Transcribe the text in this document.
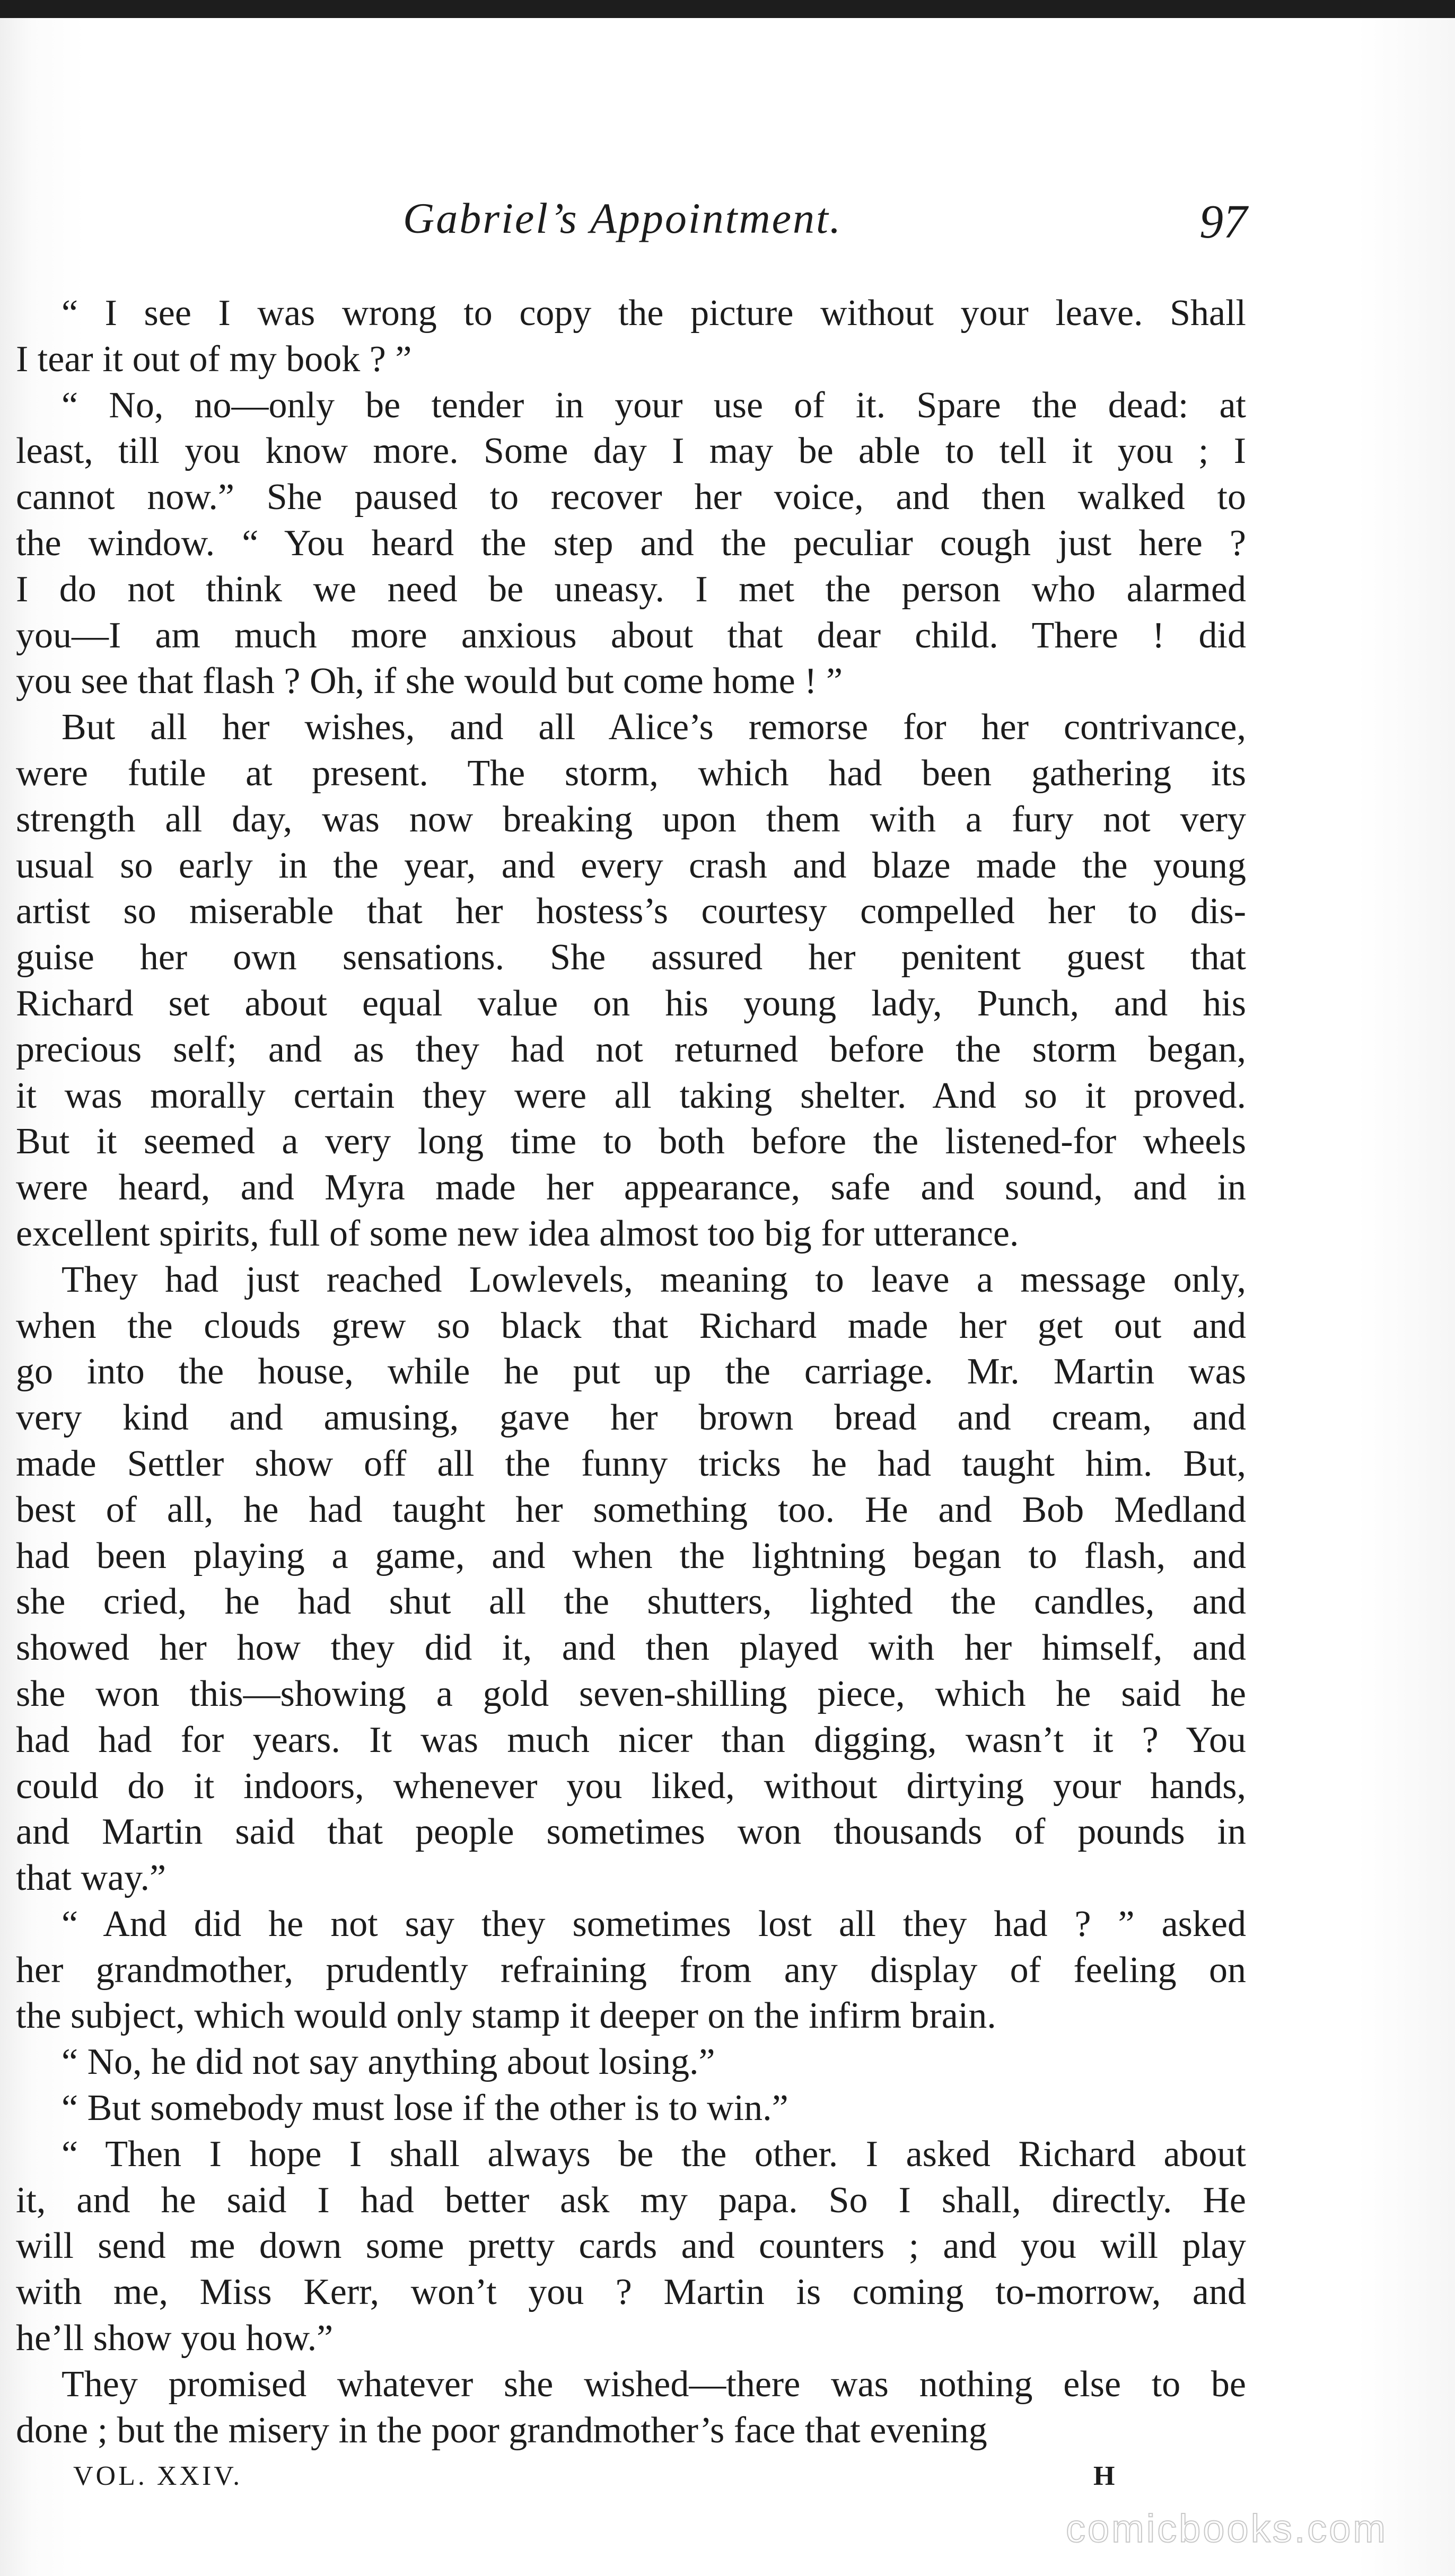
Gabriel’s Appointment.	97
“ I see I was wrong to copy the picture without your leave. Shall
I tear it out of my book ? ”
“ No, no—only be tender in your use of it. Spare the dead: at
least, till you know more. Some day I may be able to tell it you ; I
cannot now.” She paused to recover her voice, and then walked to
the window. “ You heard the step and the peculiar cough just here ?
I do not think we need be uneasy. I met the person who alarmed
you—I am much more anxious about that dear child. There ! did
you see that flash ? Oh, if she would but come home ! ”
But all her wishes, and all Alice’s remorse for her contrivance,
were futile at present. The storm, which had been gathering its
strength all day, was now breaking upon them with a fury not very
usual so early in the year, and every crash and blaze made the young
artist so miserable that her hostess’s courtesy compelled her to dis-
guise her own sensations. She assured her penitent guest that
Richard set about equal value on his young lady, Punch, and his
precious self; and as they had not returned before the storm began,
it was morally certain they were all taking shelter. And so it proved.
But it seemed a very long time to both before the listened-for wheels
were heard, and Myra made her appearance, safe and sound, and in
excellent spirits, full of some new idea almost too big for utterance.
They had just reached Lowlevels, meaning to leave a message only,
when the clouds grew so black that Richard made her get out and
go into the house, while he put up the carriage. Mr. Martin was
very kind and amusing, gave her brown bread and cream, and
made Settler show off all the funny tricks he had taught him. But,
best of all, he had taught her something too. He and Bob Medland
had been playing a game, and when the lightning began to flash, and
she cried, he had shut all the shutters, lighted the candles, and
showed her how they did it, and then played with her himself, and
she won this—showing a gold seven-shilling piece, which he said he
had had for years. It was much nicer than digging, wasn’t it ? You
could do it indoors, whenever you liked, without dirtying your hands,
and Martin said that people sometimes won thousands of pounds in
that way.”
“ And did he not say they sometimes lost all they had ? ” asked
her grandmother, prudently refraining from any display of feeling on
the subject, which would only stamp it deeper on the infirm brain.
“ No, he did not say anything about losing.”
“ But somebody must lose if the other is to win.”
“ Then I hope I shall always be the other. I asked Richard about
it, and he said I had better ask my papa. So I shall, directly. He
will send me down some pretty cards and counters ; and you will play
with me, Miss Kerr, won’t you ? Martin is coming to-morrow, and
he’ll show you how.”
They promised whatever she wished—there was nothing else to be
done ; but the misery in the poor grandmother’s face that evening
VOL. XXIV.	H
comicbooks.com
